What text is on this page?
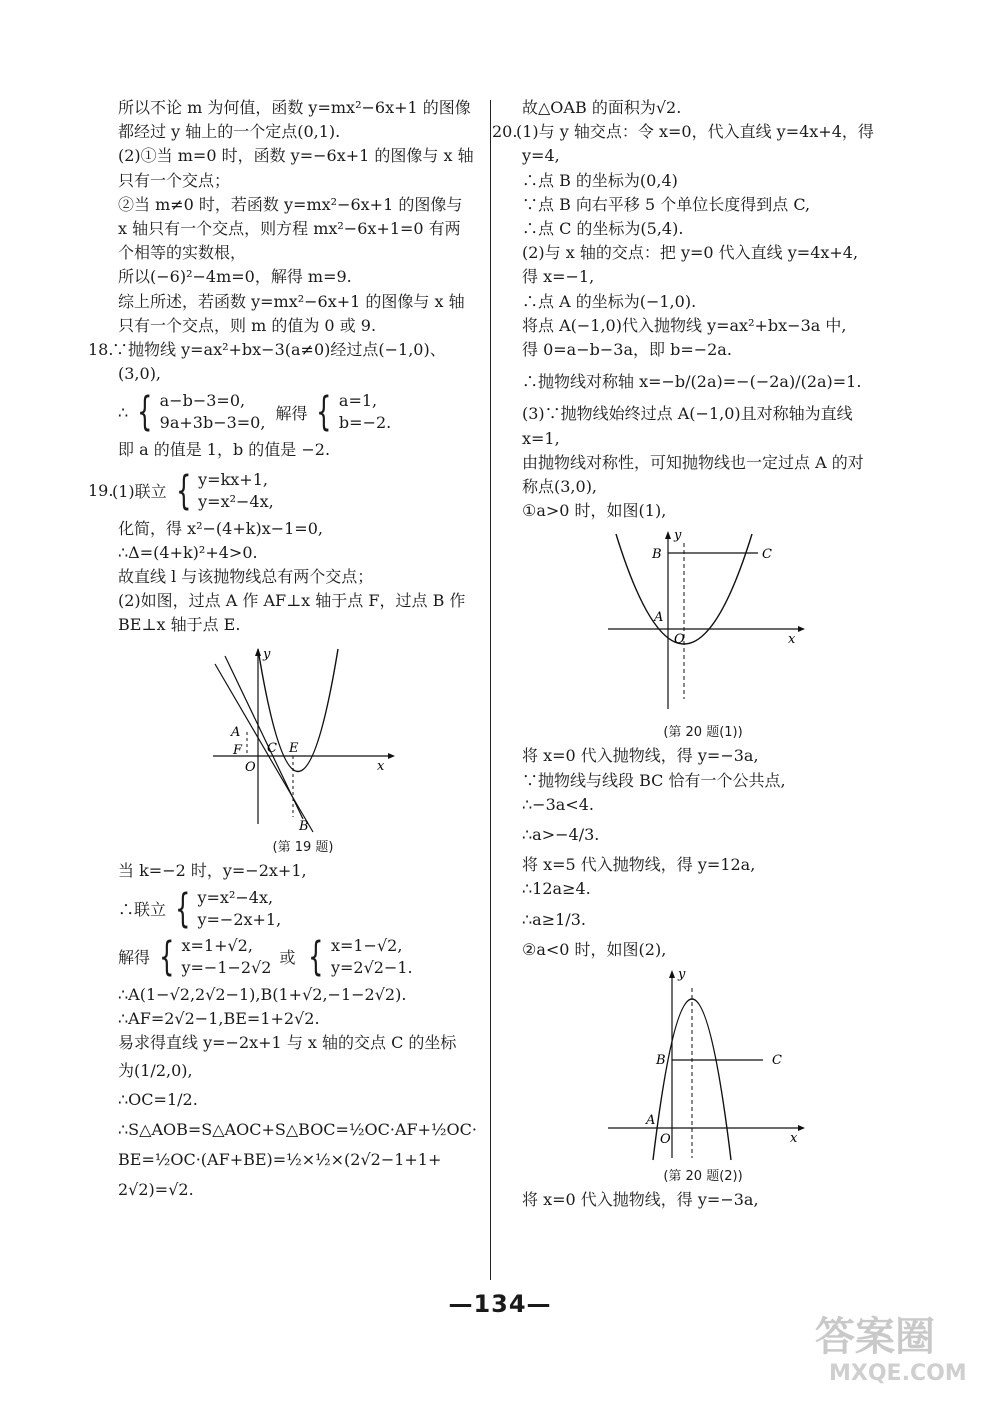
所以不论 m 为何值，函数 y=mx²−6x+1 的图像

都经过 y 轴上的一个定点(0,1).

(2)①当 m=0 时，函数 y=−6x+1 的图像与 x 轴

只有一个交点；

②当 m≠0 时，若函数 y=mx²−6x+1 的图像与

x 轴只有一个交点，则方程 mx²−6x+1=0 有两

个相等的实数根，

所以(−6)²−4m=0，解得 m=9.

综上所述，若函数 y=mx²−6x+1 的图像与 x 轴

只有一个交点，则 m 的值为 0 或 9.

18.∵抛物线 y=ax²+bx−3(a≠0)经过点(−1,0)、

(3,0),

∴ { a−b−3=0,
9a+3b−3=0, 解得 { a=1,
b=−2.

即 a 的值是 1，b 的值是 −2.

19.
(1)联立 { y=kx+1,
y=x²−4x,

化简，得 x²−(4+k)x−1=0,

∴Δ=(4+k)²+4>0.

故直线 l 与该抛物线总有两个交点；

(2)如图，过点 A 作 AF⊥x 轴于点 F，过点 B 作

BE⊥x 轴于点 E.

x
y
A
F
O
C E
B
(第 19 题)

当 k=−2 时，y=−2x+1,

∴联立 { y=x²−4x,
y=−2x+1,
解得 { x=1+√2,
y=−1−2√2 或 { x=1−√2,
y=2√2−1.

∴A(1−√2,2√2−1),B(1+√2,−1−2√2).

∴AF=2√2−1,BE=1+2√2.

易求得直线 y=−2x+1 与 x 轴的交点 C 的坐标

为(1/2,0),

∴OC=1/2.

∴S△AOB=S△AOC+S△BOC=½OC·AF+½OC·

BE=½OC·(AF+BE)=½×½×(2√2−1+1+

2√2)=√2.

故△OAB 的面积为√2.

20.(1)与 y 轴交点：令 x=0，代入直线 y=4x+4，得

y=4,

∴点 B 的坐标为(0,4)

∵点 B 向右平移 5 个单位长度得到点 C,

∴点 C 的坐标为(5,4).

(2)与 x 轴的交点：把 y=0 代入直线 y=4x+4,

得 x=−1,

∴点 A 的坐标为(−1,0).

将点 A(−1,0)代入抛物线 y=ax²+bx−3a 中,

得 0=a−b−3a，即 b=−2a.

∴抛物线对称轴 x=−b/(2a)=−(−2a)/(2a)=1.

(3)∵抛物线始终过点 A(−1,0)且对称轴为直线

x=1,

由抛物线对称性，可知抛物线也一定过点 A 的对

称点(3,0),

①a>0 时，如图(1),

B	C
A
O	x
y
(第 20 题(1))

将 x=0 代入抛物线，得 y=−3a,

∵抛物线与线段 BC 恰有一个公共点,

∴−3a<4.

∴a>−4/3.

将 x=5 代入抛物线，得 y=12a,

∴12a≥4.

∴a≥1/3.

②a<0 时，如图(2),

B	C
A
O	x
y
(第 20 题(2))

将 x=0 代入抛物线，得 y=−3a,

—134—
答案圈
MXQE.COM
